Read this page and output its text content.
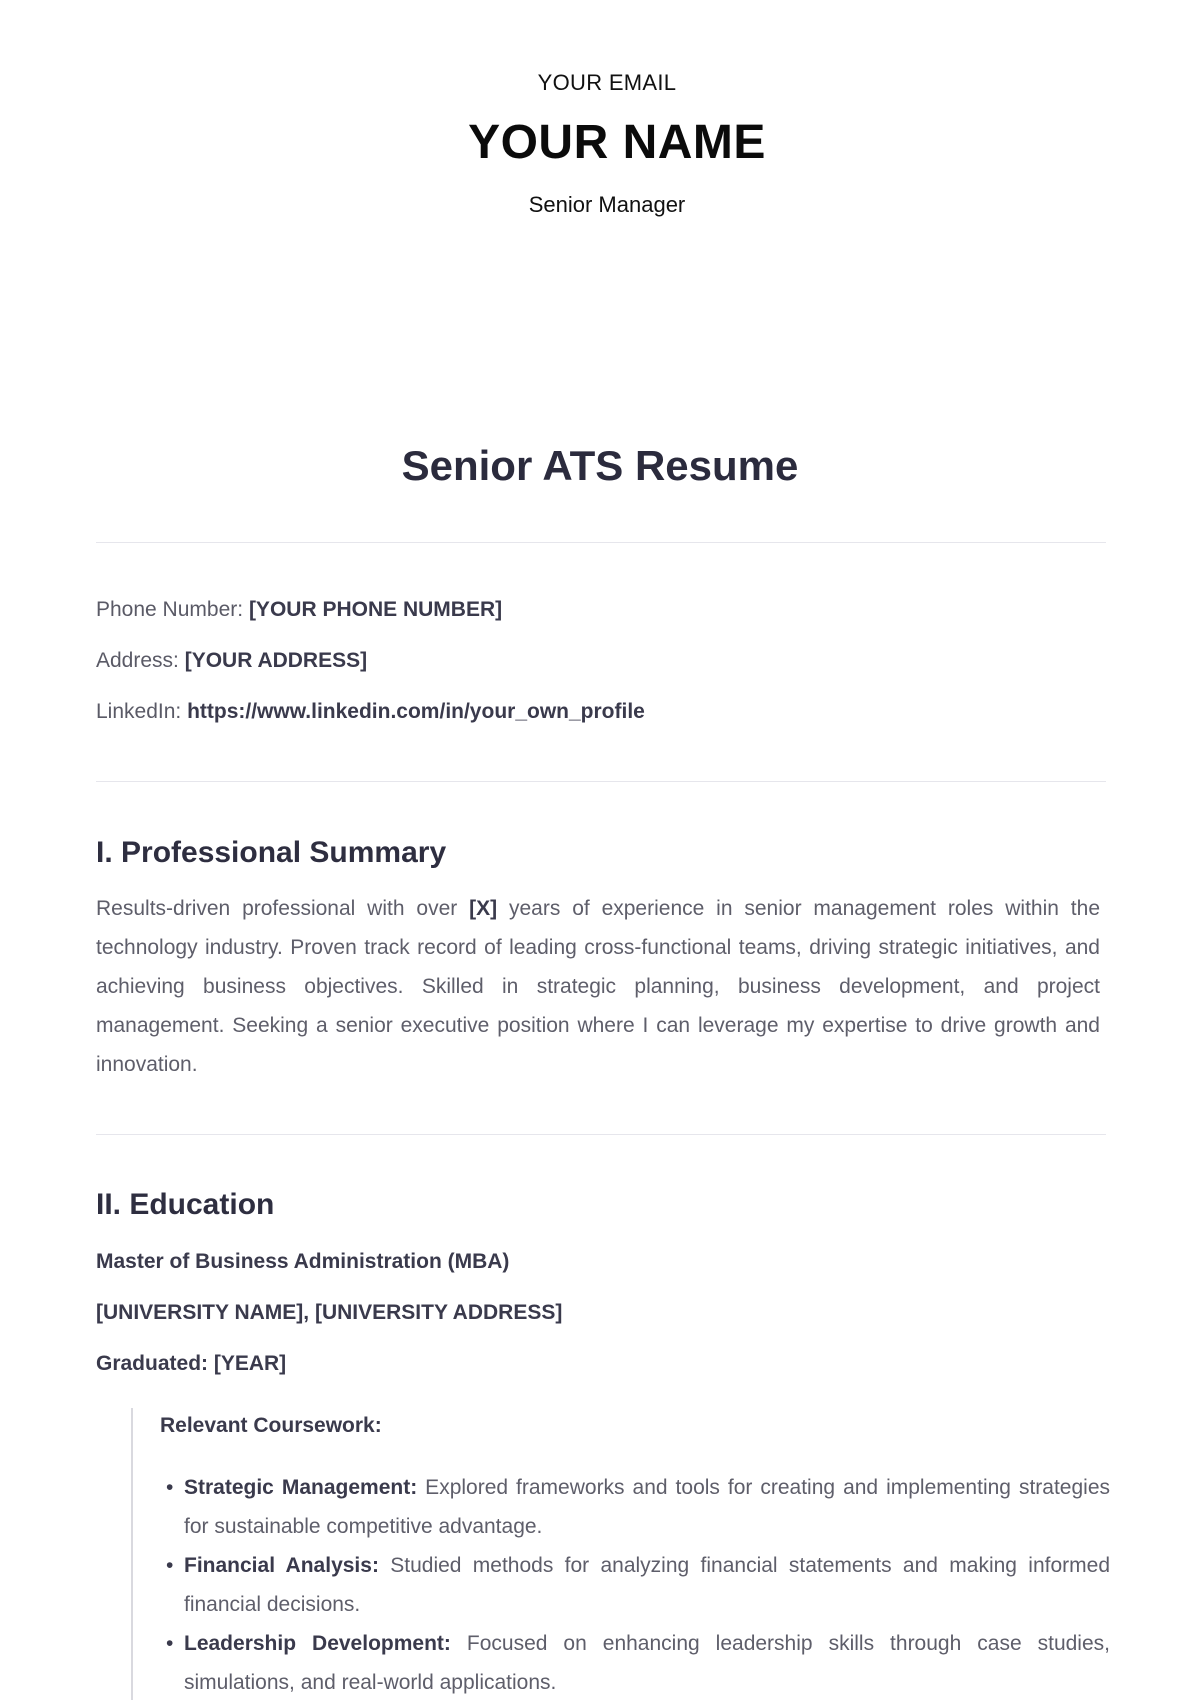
YOUR EMAIL
YOUR NAME
Senior Manager
Senior ATS Resume
Phone Number: [YOUR PHONE NUMBER]
Address: [YOUR ADDRESS]
LinkedIn: https://www.linkedin.com/in/your_own_profile
I. Professional Summary

Results-driven professional with over [X] years of experience in senior management roles within the technology industry. Proven track record of leading cross-functional teams, driving strategic initiatives, and achieving business objectives. Skilled in strategic planning, business development, and project management. Seeking a senior executive position where I can leverage my expertise to drive growth and innovation.

II. Education
Master of Business Administration (MBA)
[UNIVERSITY NAME], [UNIVERSITY ADDRESS]
Graduated: [YEAR]
Relevant Coursework:
• Strategic Management: Explored frameworks and tools for creating and implementing strategies for sustainable competitive advantage.
• Financial Analysis: Studied methods for analyzing financial statements and making informed financial decisions.
• Leadership Development: Focused on enhancing leadership skills through case studies, simulations, and real-world applications.
